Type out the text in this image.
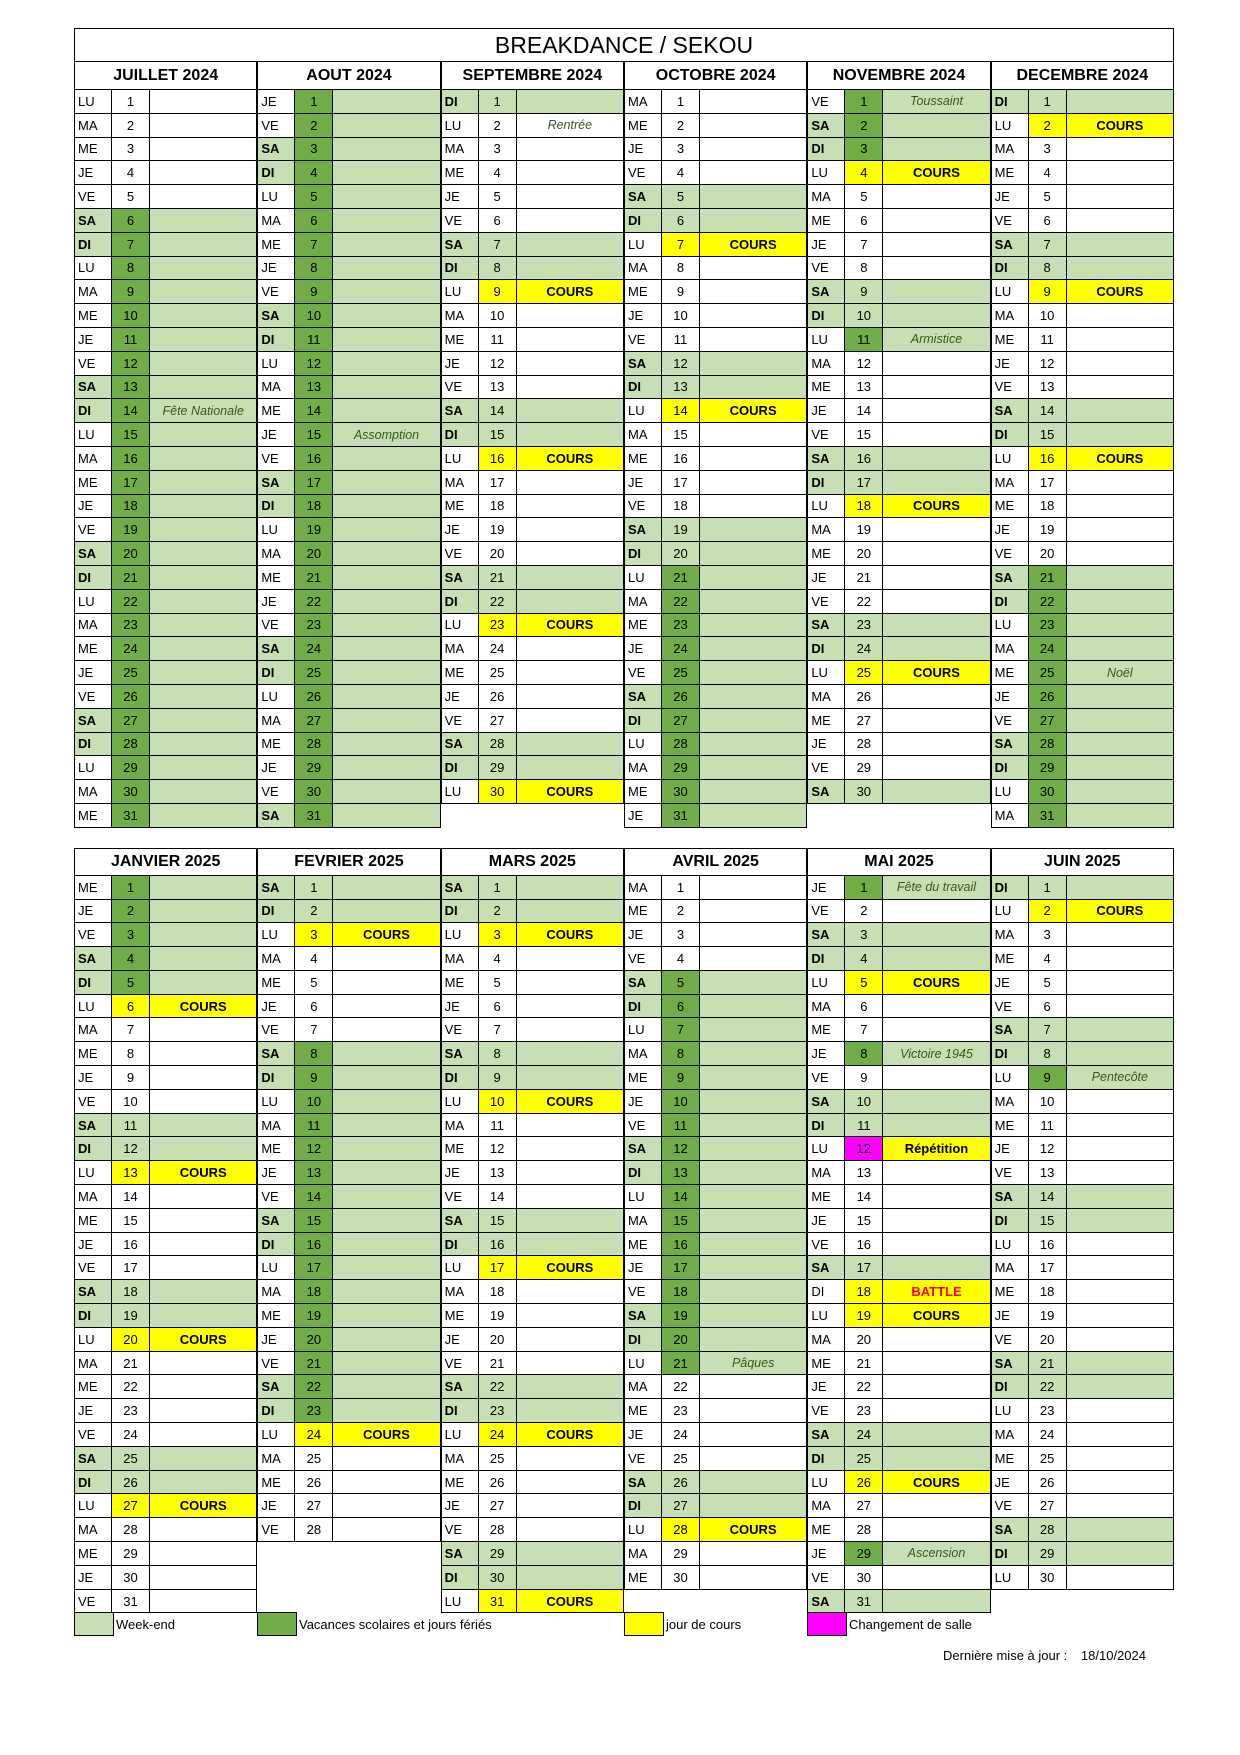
BREAKDANCE / SEKOU
JUILLET 2024
LU	1
MA	2
ME	3
JE	4
VE	5
SA	6
DI	7
LU	8
MA	9
ME	10
JE	11
VE	12
SA	13
DI	14	Fête Nationale
LU	15
MA	16
ME	17
JE	18
VE	19
SA	20
DI	21
LU	22
MA	23
ME	24
JE	25
VE	26
SA	27
DI	28
LU	29
MA	30
ME	31
AOUT 2024
JE	1
VE	2
SA	3
DI	4
LU	5
MA	6
ME	7
JE	8
VE	9
SA	10
DI	11
LU	12
MA	13
ME	14
JE	15	Assomption
VE	16
SA	17
DI	18
LU	19
MA	20
ME	21
JE	22
VE	23
SA	24
DI	25
LU	26
MA	27
ME	28
JE	29
VE	30
SA	31
SEPTEMBRE 2024
DI	1
LU	2	Rentrée
MA	3
ME	4
JE	5
VE	6
SA	7
DI	8
LU	9	COURS
MA	10
ME	11
JE	12
VE	13
SA	14
DI	15
LU	16	COURS
MA	17
ME	18
JE	19
VE	20
SA	21
DI	22
LU	23	COURS
MA	24
ME	25
JE	26
VE	27
SA	28
DI	29
LU	30	COURS
OCTOBRE 2024
MA	1
ME	2
JE	3
VE	4
SA	5
DI	6
LU	7	COURS
MA	8
ME	9
JE	10
VE	11
SA	12
DI	13
LU	14	COURS
MA	15
ME	16
JE	17
VE	18
SA	19
DI	20
LU	21
MA	22
ME	23
JE	24
VE	25
SA	26
DI	27
LU	28
MA	29
ME	30
JE	31
NOVEMBRE 2024
VE	1	Toussaint
SA	2
DI	3
LU	4	COURS
MA	5
ME	6
JE	7
VE	8
SA	9
DI	10
LU	11	Armistice
MA	12
ME	13
JE	14
VE	15
SA	16
DI	17
LU	18	COURS
MA	19
ME	20
JE	21
VE	22
SA	23
DI	24
LU	25	COURS
MA	26
ME	27
JE	28
VE	29
SA	30
DECEMBRE 2024
DI	1
LU	2	COURS
MA	3
ME	4
JE	5
VE	6
SA	7
DI	8
LU	9	COURS
MA	10
ME	11
JE	12
VE	13
SA	14
DI	15
LU	16	COURS
MA	17
ME	18
JE	19
VE	20
SA	21
DI	22
LU	23
MA	24
ME	25	Noël
JE	26
VE	27
SA	28
DI	29
LU	30
MA	31
JANVIER 2025
ME	1
JE	2
VE	3
SA	4
DI	5
LU	6	COURS
MA	7
ME	8
JE	9
VE	10
SA	11
DI	12
LU	13	COURS
MA	14
ME	15
JE	16
VE	17
SA	18
DI	19
LU	20	COURS
MA	21
ME	22
JE	23
VE	24
SA	25
DI	26
LU	27	COURS
MA	28
ME	29
JE	30
VE	31
FEVRIER 2025
SA	1
DI	2
LU	3	COURS
MA	4
ME	5
JE	6
VE	7
SA	8
DI	9
LU	10
MA	11
ME	12
JE	13
VE	14
SA	15
DI	16
LU	17
MA	18
ME	19
JE	20
VE	21
SA	22
DI	23
LU	24	COURS
MA	25
ME	26
JE	27
VE	28
MARS 2025
SA	1
DI	2
LU	3	COURS
MA	4
ME	5
JE	6
VE	7
SA	8
DI	9
LU	10	COURS
MA	11
ME	12
JE	13
VE	14
SA	15
DI	16
LU	17	COURS
MA	18
ME	19
JE	20
VE	21
SA	22
DI	23
LU	24	COURS
MA	25
ME	26
JE	27
VE	28
SA	29
DI	30
LU	31	COURS
AVRIL 2025
MA	1
ME	2
JE	3
VE	4
SA	5
DI	6
LU	7
MA	8
ME	9
JE	10
VE	11
SA	12
DI	13
LU	14
MA	15
ME	16
JE	17
VE	18
SA	19
DI	20
LU	21	Pâques
MA	22
ME	23
JE	24
VE	25
SA	26
DI	27
LU	28	COURS
MA	29
ME	30
MAI 2025
JE	1	Fête du travail
VE	2
SA	3
DI	4
LU	5	COURS
MA	6
ME	7
JE	8	Victoire 1945
VE	9
SA	10
DI	11
LU	12	Répétition
MA	13
ME	14
JE	15
VE	16
SA	17
DI	18	BATTLE
LU	19	COURS
MA	20
ME	21
JE	22
VE	23
SA	24
DI	25
LU	26	COURS
MA	27
ME	28
JE	29	Ascension
VE	30
SA	31
JUIN 2025
DI	1
LU	2	COURS
MA	3
ME	4
JE	5
VE	6
SA	7
DI	8
LU	9	Pentecôte
MA	10
ME	11
JE	12
VE	13
SA	14
DI	15
LU	16
MA	17
ME	18
JE	19
VE	20
SA	21
DI	22
LU	23
MA	24
ME	25
JE	26
VE	27
SA	28
DI	29
LU	30
Week-end	Vacances scolaires et jours fériés	jour de cours	Changement de salle
Dernière mise à jour : 18/10/2024
